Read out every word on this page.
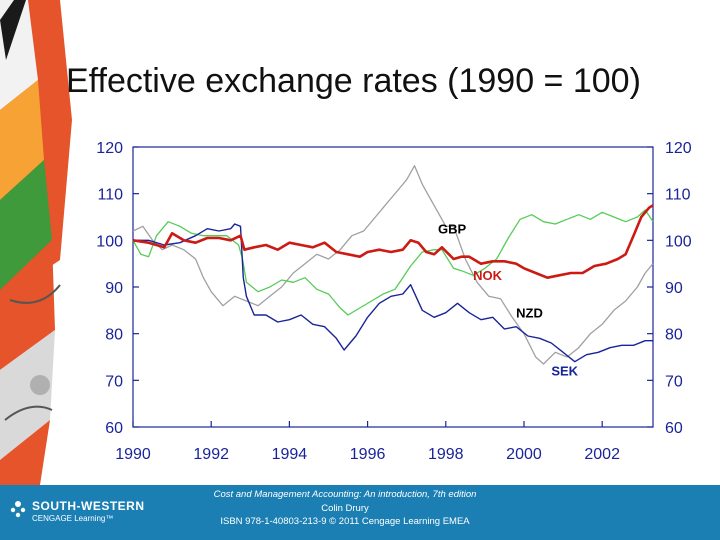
Effective exchange rates (1990 = 100)
60	60
70	70
80	80
90	90
100	100
110	110
120	120
1990	1992	1994	1996	1998	2000	2002
GBP
NOK
NZD
SEK
SOUTH-WESTERN
CENGAGE Learning™
Cost and Management Accounting: An introduction, 7th edition
Colin Drury
ISBN 978-1-40803-213-9 © 2011 Cengage Learning EMEA
